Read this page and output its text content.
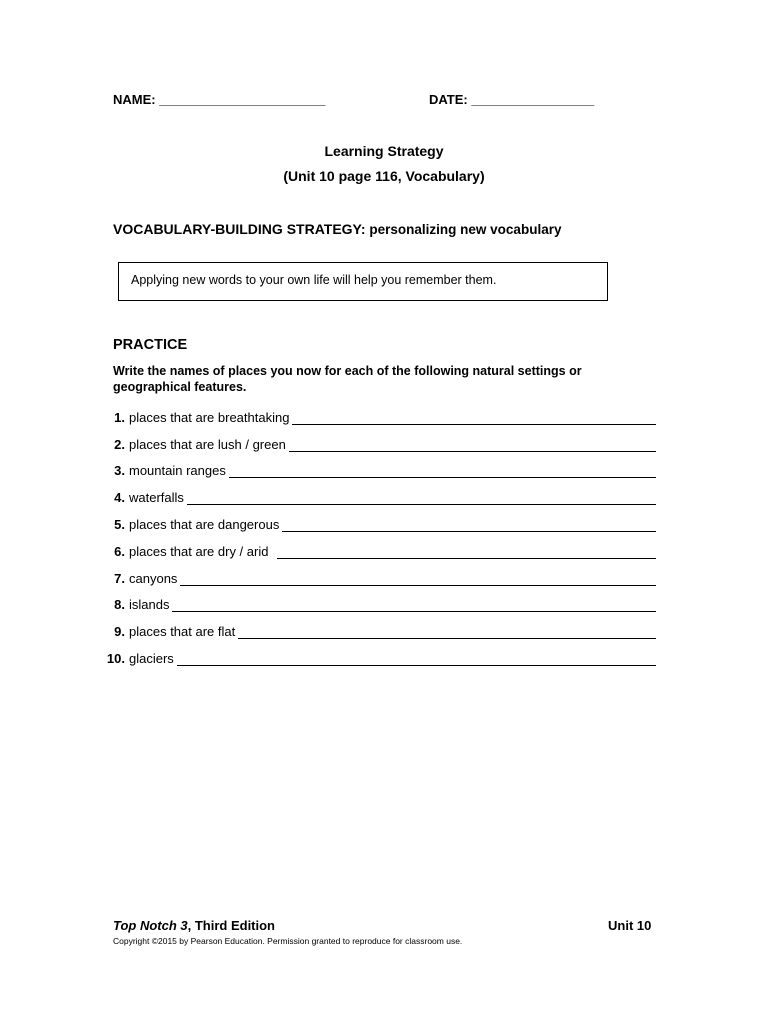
NAME: _______________________	DATE: _________________
Learning Strategy
(Unit 10 page 116, Vocabulary)
VOCABULARY-BUILDING STRATEGY: personalizing new vocabulary
Applying new words to your own life will help you remember them.
PRACTICE
Write the names of places you now for each of the following natural settings or geographical features.
1. places that are breathtaking
2. places that are lush / green
3. mountain ranges
4. waterfalls
5. places that are dangerous
6. places that are dry / arid
7. canyons
8. islands
9. places that are flat
10. glaciers
Top Notch 3, Third Edition	Unit 10
Copyright ©2015 by Pearson Education. Permission granted to reproduce for classroom use.
